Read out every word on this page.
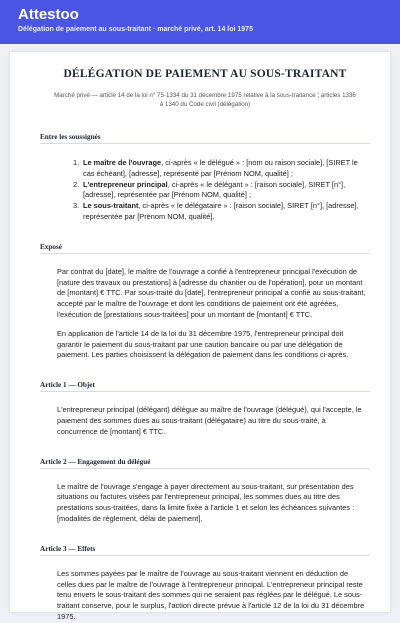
Attestoo
Délégation de paiement au sous-traitant · marché privé, art. 14 loi 1975
DÉLÉGATION DE PAIEMENT AU SOUS-TRAITANT
Marché privé — article 14 de la loi n° 75-1334 du 31 décembre 1975 relative à la sous-traitance ; articles 1336 à 1340 du Code civil (délégation)
Entre les soussignés
1. Le maître de l'ouvrage, ci-après « le délégué » : [nom ou raison sociale], [SIRET le cas échéant], [adresse], représenté par [Prénom NOM, qualité] ;
2. L'entrepreneur principal, ci-après « le délégant » : [raison sociale], SIRET [n°], [adresse], représentée par [Prénom NOM, qualité] ;
3. Le sous-traitant, ci-après « le délégataire » : [raison sociale], SIRET [n°], [adresse], représentée par [Prénom NOM, qualité].
Exposé

Par contrat du [date], le maître de l'ouvrage a confié à l'entrepreneur principal l'exécution de [nature des travaux ou prestations] à [adresse du chantier ou de l'opération], pour un montant de [montant] € TTC. Par sous-traité du [date], l'entrepreneur principal a confié au sous-traitant, accepté par le maître de l'ouvrage et dont les conditions de paiement ont été agréées, l'exécution de [prestations sous-traitées] pour un montant de [montant] € TTC.

En application de l'article 14 de la loi du 31 décembre 1975, l'entrepreneur principal doit garantir le paiement du sous-traitant par une caution bancaire ou par une délégation de paiement. Les parties choisissent la délégation de paiement dans les conditions ci-après.

Article 1 — Objet

L'entrepreneur principal (délégant) délègue au maître de l'ouvrage (délégué), qui l'accepte, le paiement des sommes dues au sous-traitant (délégataire) au titre du sous-traité, à concurrence de [montant] € TTC.

Article 2 — Engagement du délégué

Le maître de l'ouvrage s'engage à payer directement au sous-traitant, sur présentation des situations ou factures visées par l'entrepreneur principal, les sommes dues au titre des prestations sous-traitées, dans la limite fixée à l'article 1 et selon les échéances suivantes : [modalités de règlement, délai de paiement].

Article 3 — Effets

Les sommes payées par le maître de l'ouvrage au sous-traitant viennent en déduction de celles dues par le maître de l'ouvrage à l'entrepreneur principal. L'entrepreneur principal reste tenu envers le sous-traitant des sommes qui ne seraient pas réglées par le délégué. Le sous-traitant conserve, pour le surplus, l'action directe prévue à l'article 12 de la loi du 31 décembre 1975.
